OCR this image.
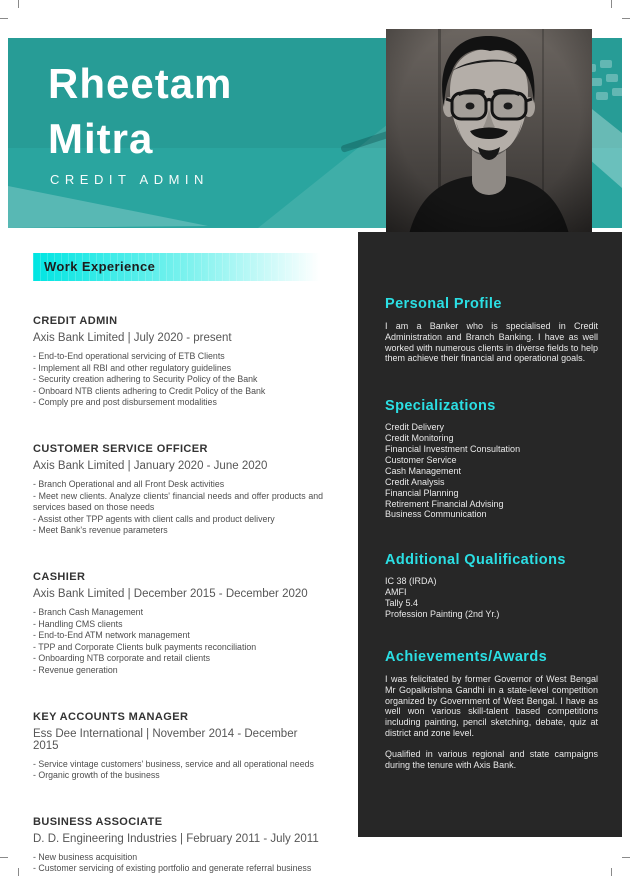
Rheetam
Mitra
CREDIT ADMIN
Personal Profile

I am a Banker who is specialised in Credit Administration and Branch Banking. I have as well worked with numerous clients in diverse fields to help them achieve their financial and operational goals.

Specializations
Credit Delivery
Credit Monitoring
Financial Investment Consultation
Customer Service
Cash Management
Credit Analysis
Financial Planning
Retirement Financial Advising
Business Communication
Additional Qualifications
IC 38 (IRDA)
AMFI
Tally 5.4
Profession Painting (2nd Yr.)
Achievements/Awards

I was felicitated by former Governor of West Bengal Mr Gopalkrishna Gandhi in a state-level competition organized by Government of West Bengal. I have as well won various skill-talent based competitions including painting, pencil sketching, debate, quiz at district and zone level.

Qualified in various regional and state campaigns during the tenure with Axis Bank.

Work Experience
CREDIT ADMIN

Axis Bank Limited | July 2020 - present

- End-to-End operational servicing of ETB Clients
- Implement all RBI and other regulatory guidelines
- Security creation adhering to Security Policy of the Bank
- Onboard NTB clients adhering to Credit Policy of the Bank
- Comply pre and post disbursement modalities
CUSTOMER SERVICE OFFICER

Axis Bank Limited | January 2020 - June 2020

- Branch Operational and all Front Desk activities
- Meet new clients. Analyze clients' financial needs and offer products and services based on those needs
- Assist other TPP agents with client calls and product delivery
- Meet Bank's revenue parameters
CASHIER

Axis Bank Limited | December 2015 - December 2020

- Branch Cash Management
- Handling CMS clients
- End-to-End ATM network management
- TPP and Corporate Clients bulk payments reconciliation
- Onboarding NTB corporate and retail clients
- Revenue generation
KEY ACCOUNTS MANAGER

Ess Dee International | November 2014 - December 2015

- Service vintage customers' business, service and all operational needs
- Organic growth of the business
BUSINESS ASSOCIATE

D. D. Engineering Industries | February 2011 - July 2011

- New business acquisition
- Customer servicing of existing portfolio and generate referral business
